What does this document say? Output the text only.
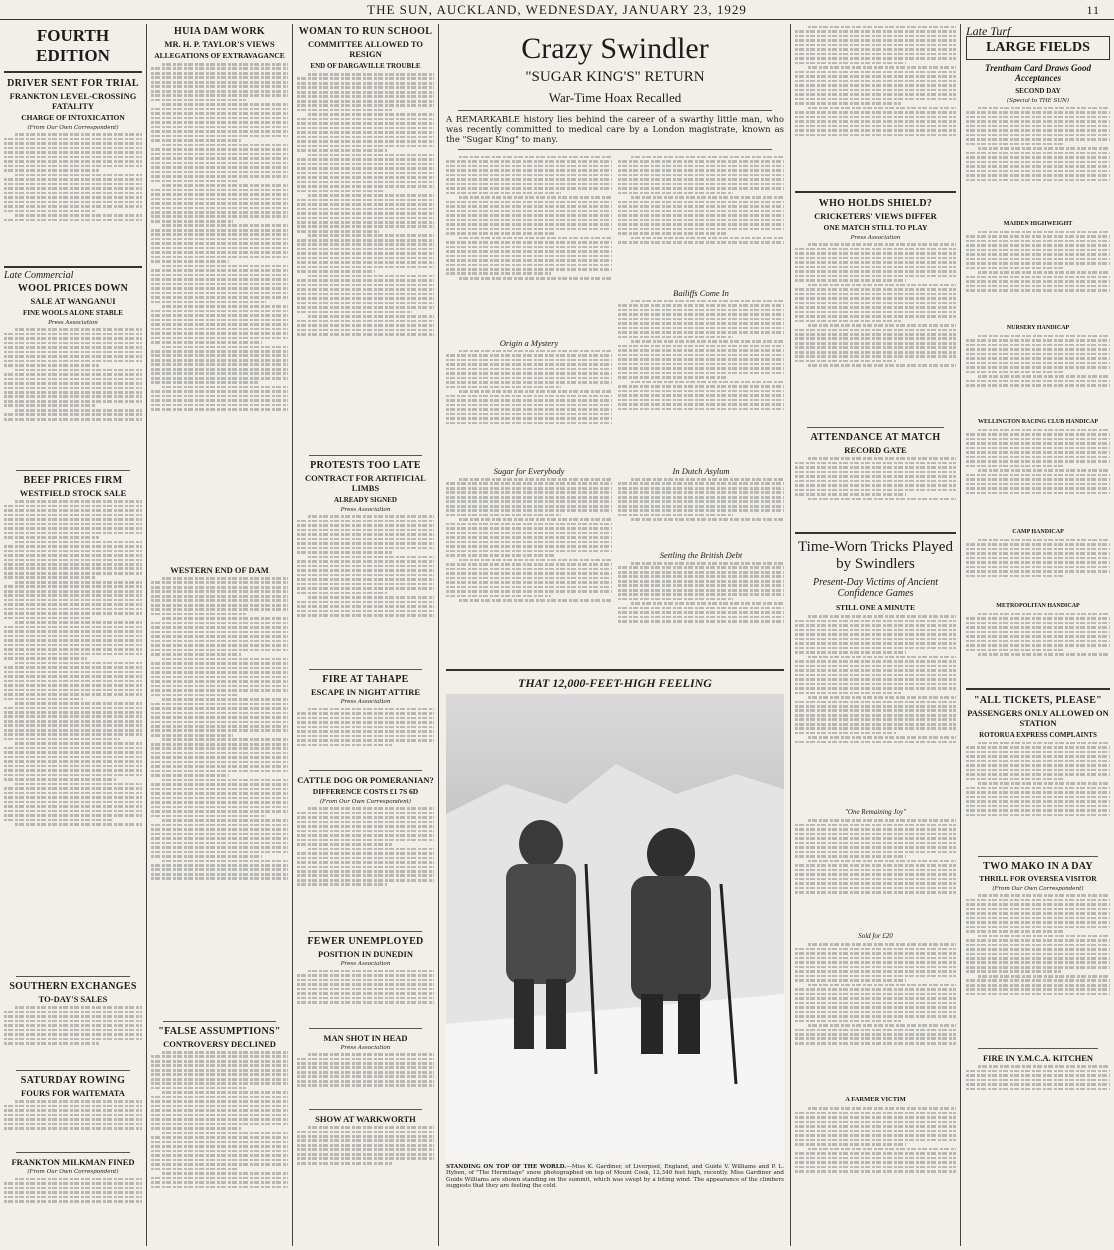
THE SUN, AUCKLAND, WEDNESDAY, JANUARY 23, 1929	11
FOURTH EDITION
DRIVER SENT FOR TRIAL
FRANKTON LEVEL-CROSSING FATALITY
CHARGE OF INTOXICATION
(From Our Own Correspondent)
Late Commercial
WOOL PRICES DOWN
SALE AT WANGANUI
FINE WOOLS ALONE STABLE
Press Association
BEEF PRICES FIRM
WESTFIELD STOCK SALE
SOUTHERN EXCHANGES
TO-DAY'S SALES
SATURDAY ROWING
FOURS FOR WAITEMATA
FRANKTON MILKMAN FINED
(From Our Own Correspondent)
HUIA DAM WORK
MR. H. P. TAYLOR'S VIEWS
ALLEGATIONS OF EXTRAVAGANCE
WESTERN END OF DAM
"FALSE ASSUMPTIONS"
CONTROVERSY DECLINED
WOMAN TO RUN SCHOOL
COMMITTEE ALLOWED TO RESIGN
END OF DARGAVILLE TROUBLE
PROTESTS TOO LATE
CONTRACT FOR ARTIFICIAL LIMBS
ALREADY SIGNED
Press Association
FIRE AT TAHAPE
ESCAPE IN NIGHT ATTIRE
Press Association
CATTLE DOG OR POMERANIAN?
DIFFERENCE COSTS £1 7S 6D
(From Our Own Correspondent)
FEWER UNEMPLOYED
POSITION IN DUNEDIN
Press Association
MAN SHOT IN HEAD
Press Association
SHOW AT WARKWORTH
Crazy Swindler
"SUGAR KING'S" RETURN
War-Time Hoax Recalled
A REMARKABLE history lies behind the career of a swarthy little man, who was recently committed to medical care by a London magistrate, known as the "Sugar King" to many.
Origin a Mystery
Bailiffs Come In
Sugar for Everybody	In Dutch Asylum
Settling the British Debt
THAT 12,000-FEET-HIGH FEELING
STANDING ON TOP OF THE WORLD.—Miss K. Gardiner, of Liverpool, England, and Guide V. Williams and P. L. Hyben, of "The Hermitage" snow photographed on top of Mount Cook, 12,340 feet high, recently. Miss Gardiner and Guide Williams are shown standing on the summit, which was swept by a biting wind. The appearance of the climbers suggests that they are feeling the cold.
WHO HOLDS SHIELD?
CRICKETERS' VIEWS DIFFER
ONE MATCH STILL TO PLAY
Press Association
ATTENDANCE AT MATCH
RECORD GATE
Time-Worn Tricks Played by Swindlers
Present-Day Victims of Ancient Confidence Games
STILL ONE A MINUTE
"One Remaining Joy"
Sold for £20
A FARMER VICTIM
Late Turf
LARGE FIELDS
Trentham Card Draws Good Acceptances
SECOND DAY
(Special to THE SUN)
MAIDEN HIGHWEIGHT
NURSERY HANDICAP
WELLINGTON RACING CLUB HANDICAP
CAMP HANDICAP
METROPOLITAN HANDICAP
"ALL TICKETS, PLEASE"
PASSENGERS ONLY ALLOWED ON STATION
ROTORUA EXPRESS COMPLAINTS
TWO MAKO IN A DAY
THRILL FOR OVERSEA VISITOR
(From Our Own Correspondent)
FIRE IN Y.M.C.A. KITCHEN
